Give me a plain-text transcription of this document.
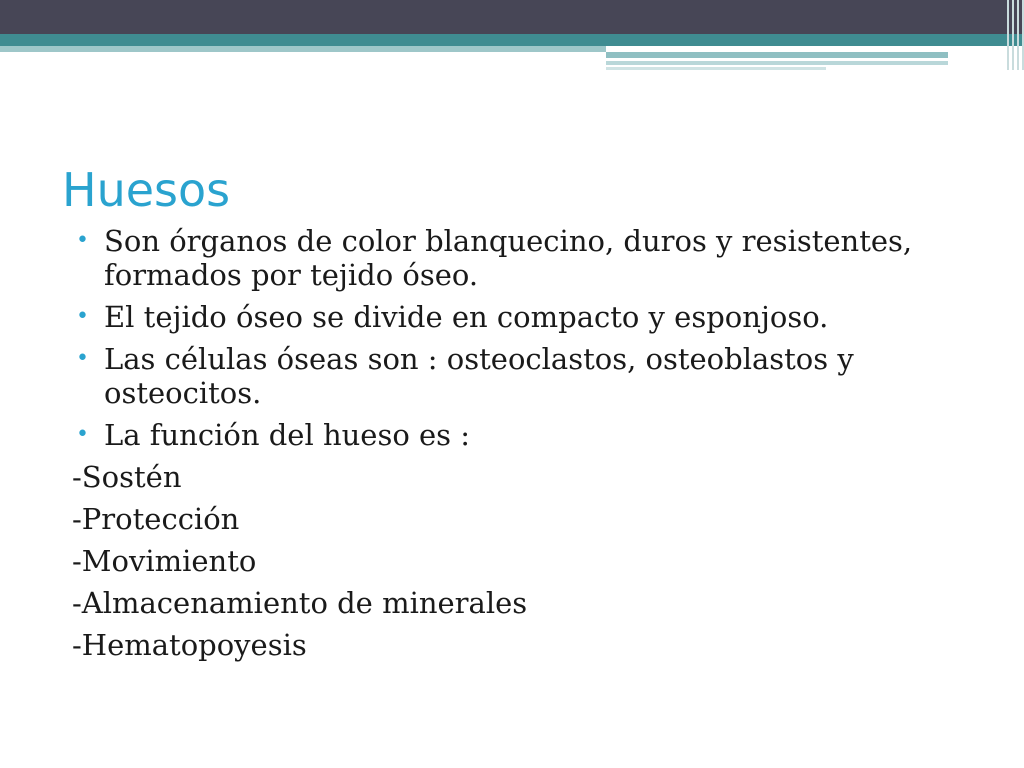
Huesos
• Son órganos de color blanquecino, duros y resistentes, formados por tejido óseo.
• El tejido óseo se divide en compacto y esponjoso.
• Las células óseas son : osteoclastos, osteoblastos y osteocitos.
• La función del hueso es :

-Sostén

-Protección

-Movimiento

-Almacenamiento de minerales

-Hematopoyesis
